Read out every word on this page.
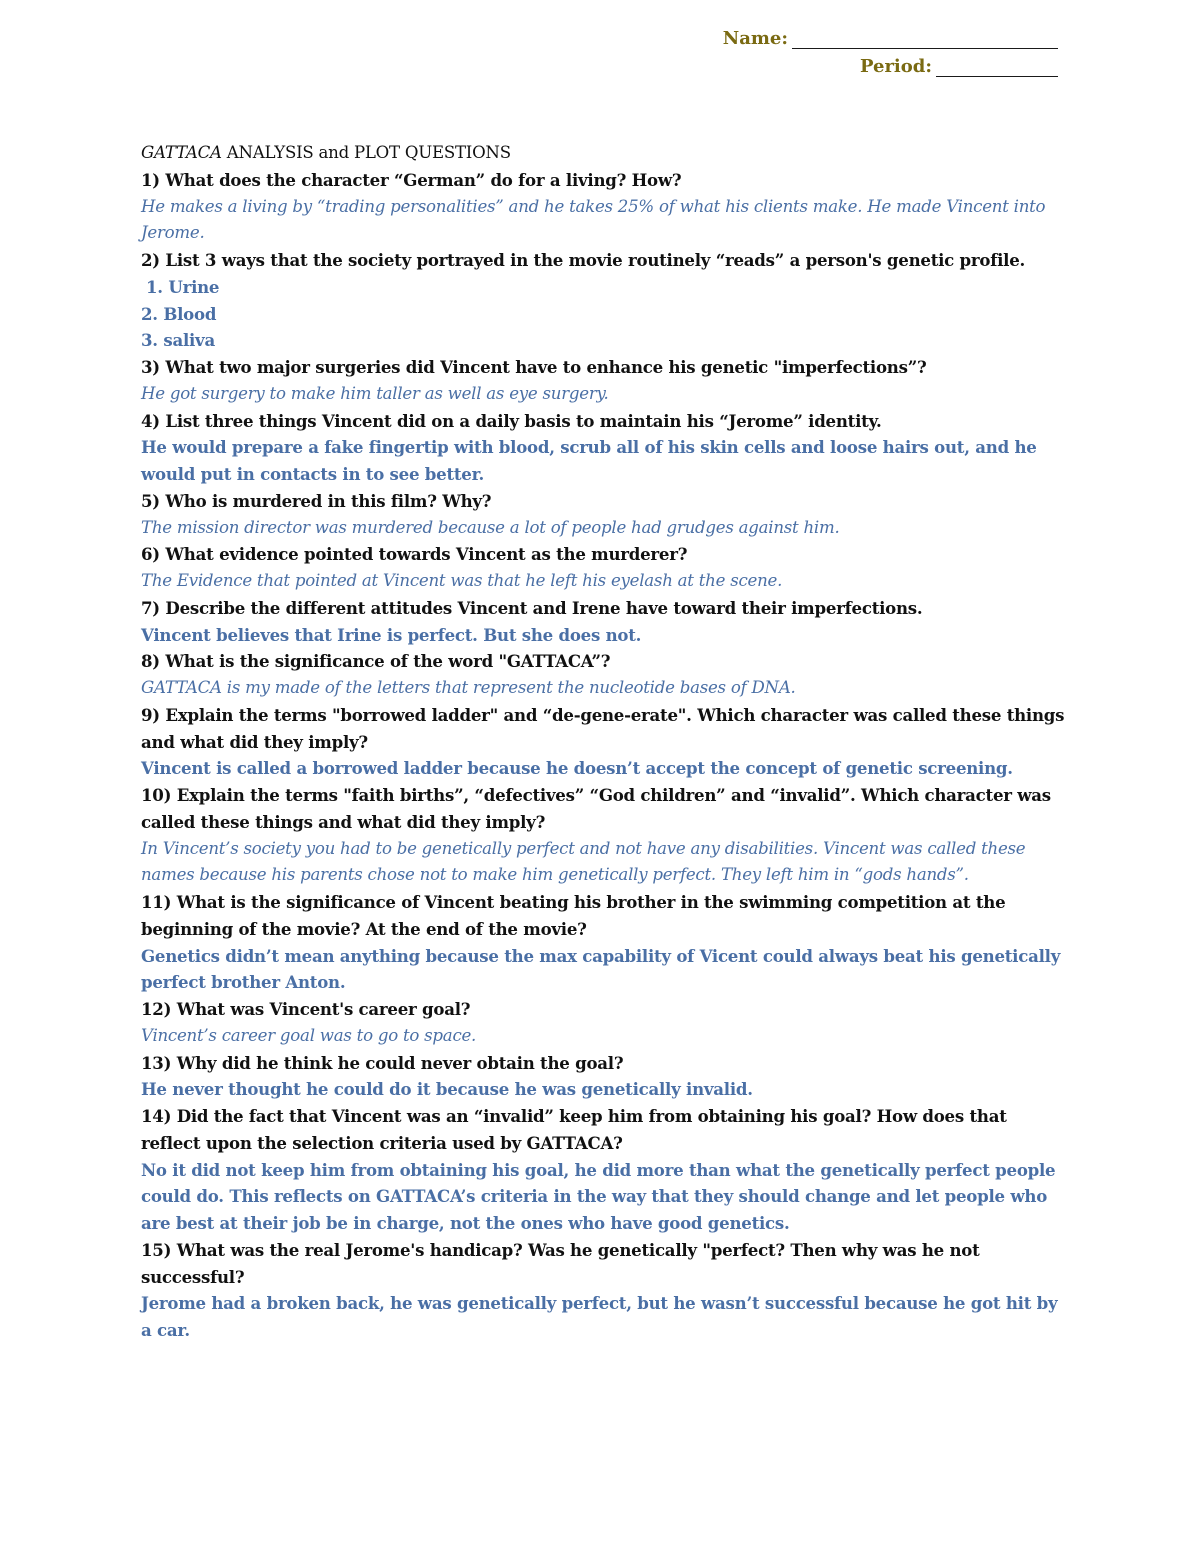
Name:
Period:

GATTACA ANALYSIS and PLOT QUESTIONS

1) What does the character “German” do for a living? How?

He makes a living by “trading personalities” and he takes 25% of what his clients make. He made Vincent into Jerome.

2) List 3 ways that the society portrayed in the movie routinely “reads” a person's genetic profile.

1. Urine

2. Blood

3. saliva

3) What two major surgeries did Vincent have to enhance his genetic "imperfections”?

He got surgery to make him taller as well as eye surgery.

4) List three things Vincent did on a daily basis to maintain his “Jerome” identity.

He would prepare a fake fingertip with blood, scrub all of his skin cells and loose hairs out, and he would put in contacts in to see better.

5) Who is murdered in this film? Why?

The mission director was murdered because a lot of people had grudges against him.

6) What evidence pointed towards Vincent as the murderer?

The Evidence that pointed at Vincent was that he left his eyelash at the scene.

7) Describe the different attitudes Vincent and Irene have toward their imperfections.

Vincent believes that Irine is perfect. But she does not.

8) What is the significance of the word "GATTACA”?

GATTACA is my made of the letters that represent the nucleotide bases of DNA.

9) Explain the terms "borrowed ladder" and “de-gene-erate". Which character was called these things and what did they imply?

Vincent is called a borrowed ladder because he doesn’t accept the concept of genetic screening.

10) Explain the terms "faith births”, “defectives” “God children” and “invalid”. Which character was called these things and what did they imply?

In Vincent’s society you had to be genetically perfect and not have any disabilities. Vincent was called these names because his parents chose not to make him genetically perfect. They left him in “gods hands”.

11) What is the significance of Vincent beating his brother in the swimming competition at the beginning of the movie? At the end of the movie?

Genetics didn’t mean anything because the max capability of Vicent could always beat his genetically perfect brother Anton.

12) What was Vincent's career goal?

Vincent’s career goal was to go to space.

13) Why did he think he could never obtain the goal?

He never thought he could do it because he was genetically invalid.

14) Did the fact that Vincent was an “invalid” keep him from obtaining his goal? How does that reflect upon the selection criteria used by GATTACA?

No it did not keep him from obtaining his goal, he did more than what the genetically perfect people could do. This reflects on GATTACA’s criteria in the way that they should change and let people who are best at their job be in charge, not the ones who have good genetics.

15) What was the real Jerome's handicap? Was he genetically "perfect? Then why was he not successful?

Jerome had a broken back, he was genetically perfect, but he wasn’t successful because he got hit by a car.
